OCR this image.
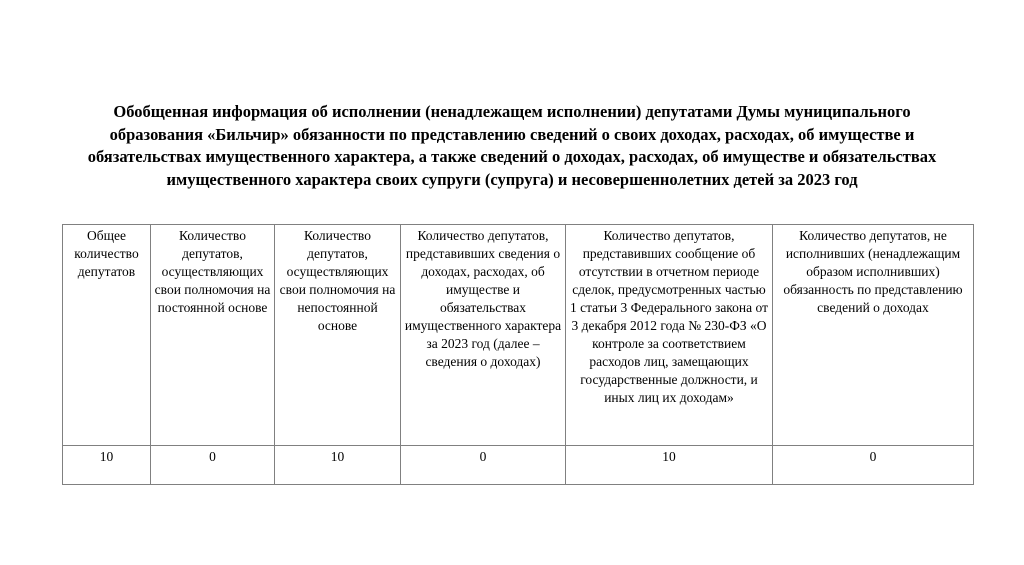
Обобщенная информация об исполнении (ненадлежащем исполнении) депутатами Думы муниципального образования «Бильчир» обязанности по представлению сведений о своих доходах, расходах, об имуществе и обязательствах имущественного характера, а также сведений о доходах, расходах, об имуществе и обязательствах имущественного характера своих супруги (супруга) и несовершеннолетних детей за 2023 год

Общее количество депутатов	Количество депутатов, осуществляющих свои полномочия на постоянной основе	Количество депутатов, осуществляющих свои полномочия на непостоянной основе	Количество депутатов, представивших сведения о доходах, расходах, об имуществе и обязательствах имущественного характера за 2023 год (далее – сведения о доходах)	Количество депутатов, представивших сообщение об отсутствии в отчетном периоде сделок, предусмотренных частью 1 статьи 3 Федерального закона от 3 декабря 2012 года № 230-ФЗ «О контроле за соответствием расходов лиц, замещающих государственные должности, и иных лиц их доходам»	Количество депутатов, не исполнивших (ненадлежащим образом исполнивших) обязанность по представлению сведений о доходах
10	0	10	0	10	0
